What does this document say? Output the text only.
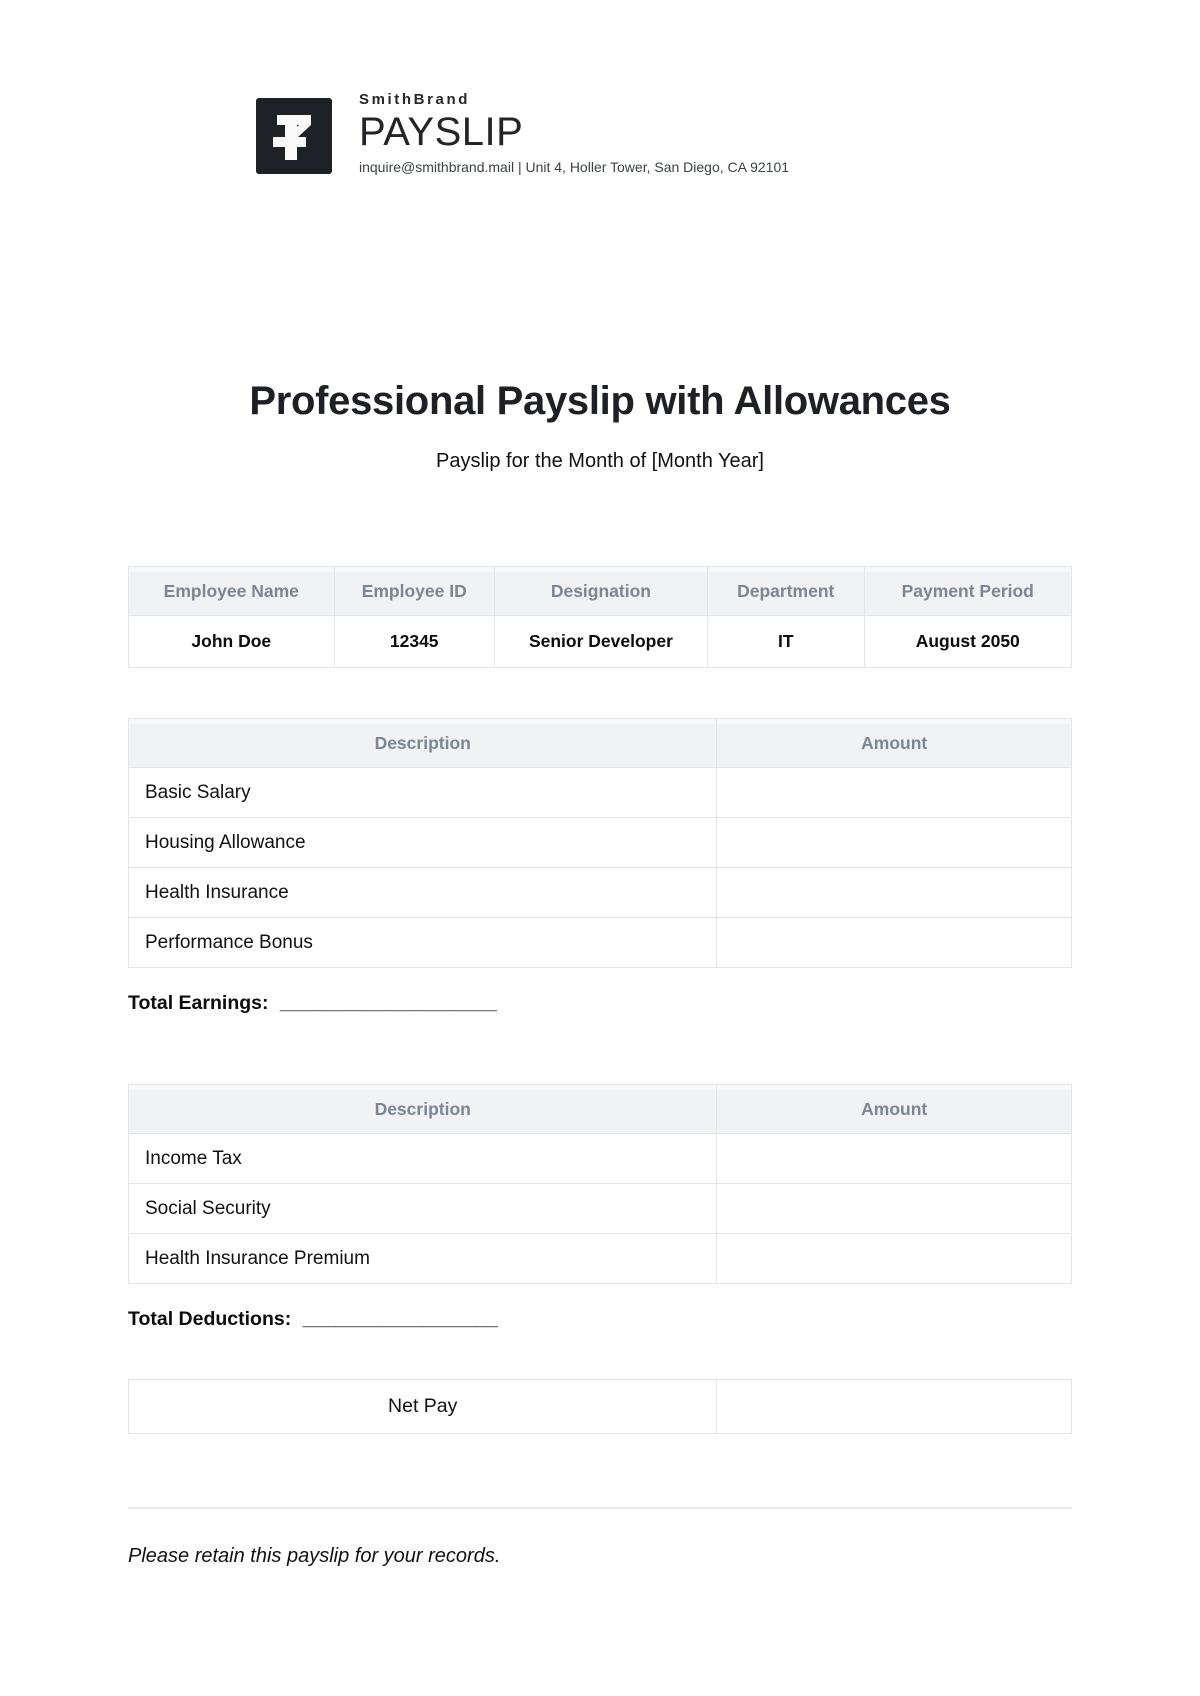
SmithBrand
PAYSLIP
inquire@smithbrand.mail | Unit 4, Holler Tower, San Diego, CA 92101
Professional Payslip with Allowances

Payslip for the Month of [Month Year]

Employee Name	Employee ID	Designation	Department	Payment Period
John Doe	12345	Senior Developer	IT	August 2050
Description	Amount
Basic Salary	
Housing Allowance	
Health Insurance	
Performance Bonus	

Total Earnings: ____________________

Description	Amount
Income Tax	
Social Security	
Health Insurance Premium	

Total Deductions: __________________

Net Pay	

Please retain this payslip for your records.
